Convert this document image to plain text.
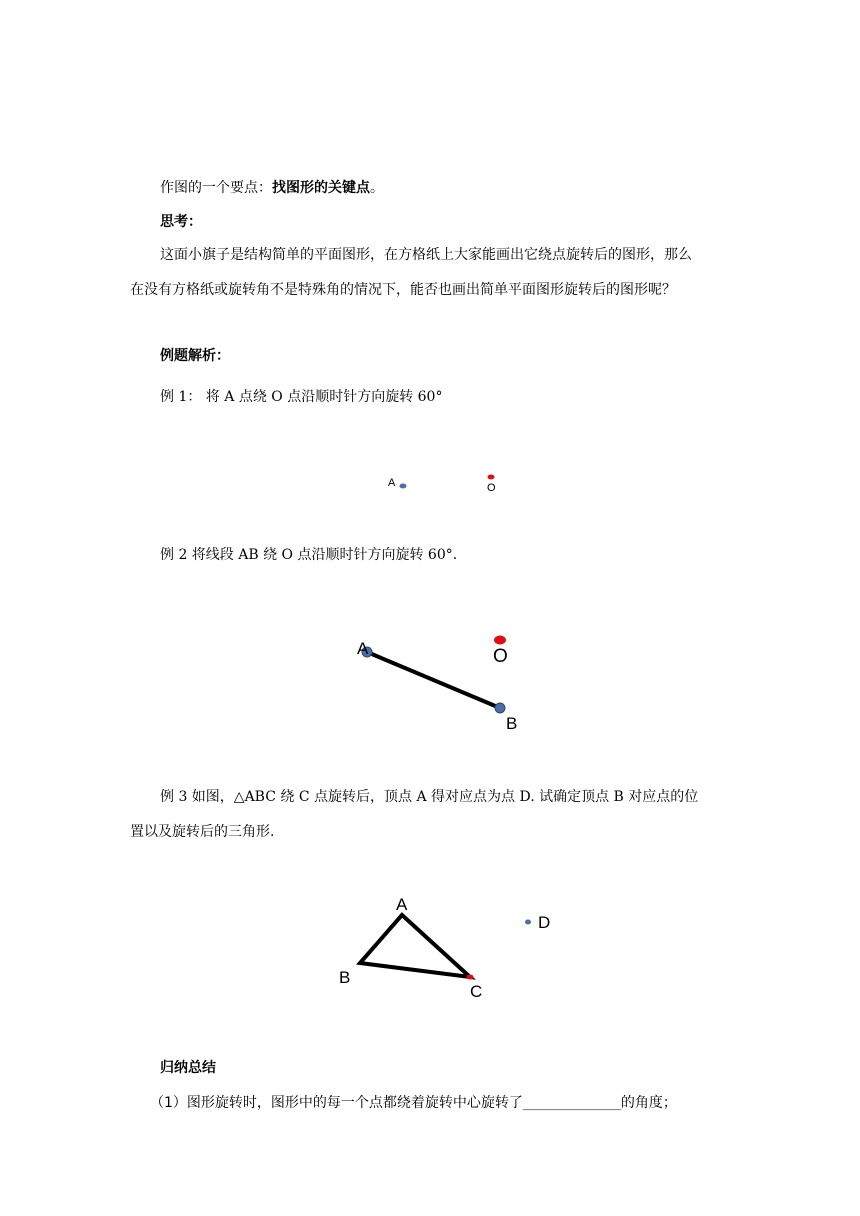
作图的一个要点：找图形的关键点。
思考：
这面小旗子是结构简单的平面图形，在方格纸上大家能画出它绕点旋转后的图形，那么
在没有方格纸或旋转角不是特殊角的情况下，能否也画出简单平面图形旋转后的图形呢？
例题解析：
例 1： 将 A 点绕 O 点沿顺时针方向旋转 60°
A	O
例 2 将线段 AB 绕 O 点沿顺时针方向旋转 60°.
A	O
B
例 3 如图，△ABC 绕 C 点旋转后，顶点 A 得对应点为点 D. 试确定顶点 B 对应点的位
置以及旋转后的三角形.
A
B
C
D
归纳总结
（1）图形旋转时，图形中的每一个点都绕着旋转中心旋转了______________的角度；
